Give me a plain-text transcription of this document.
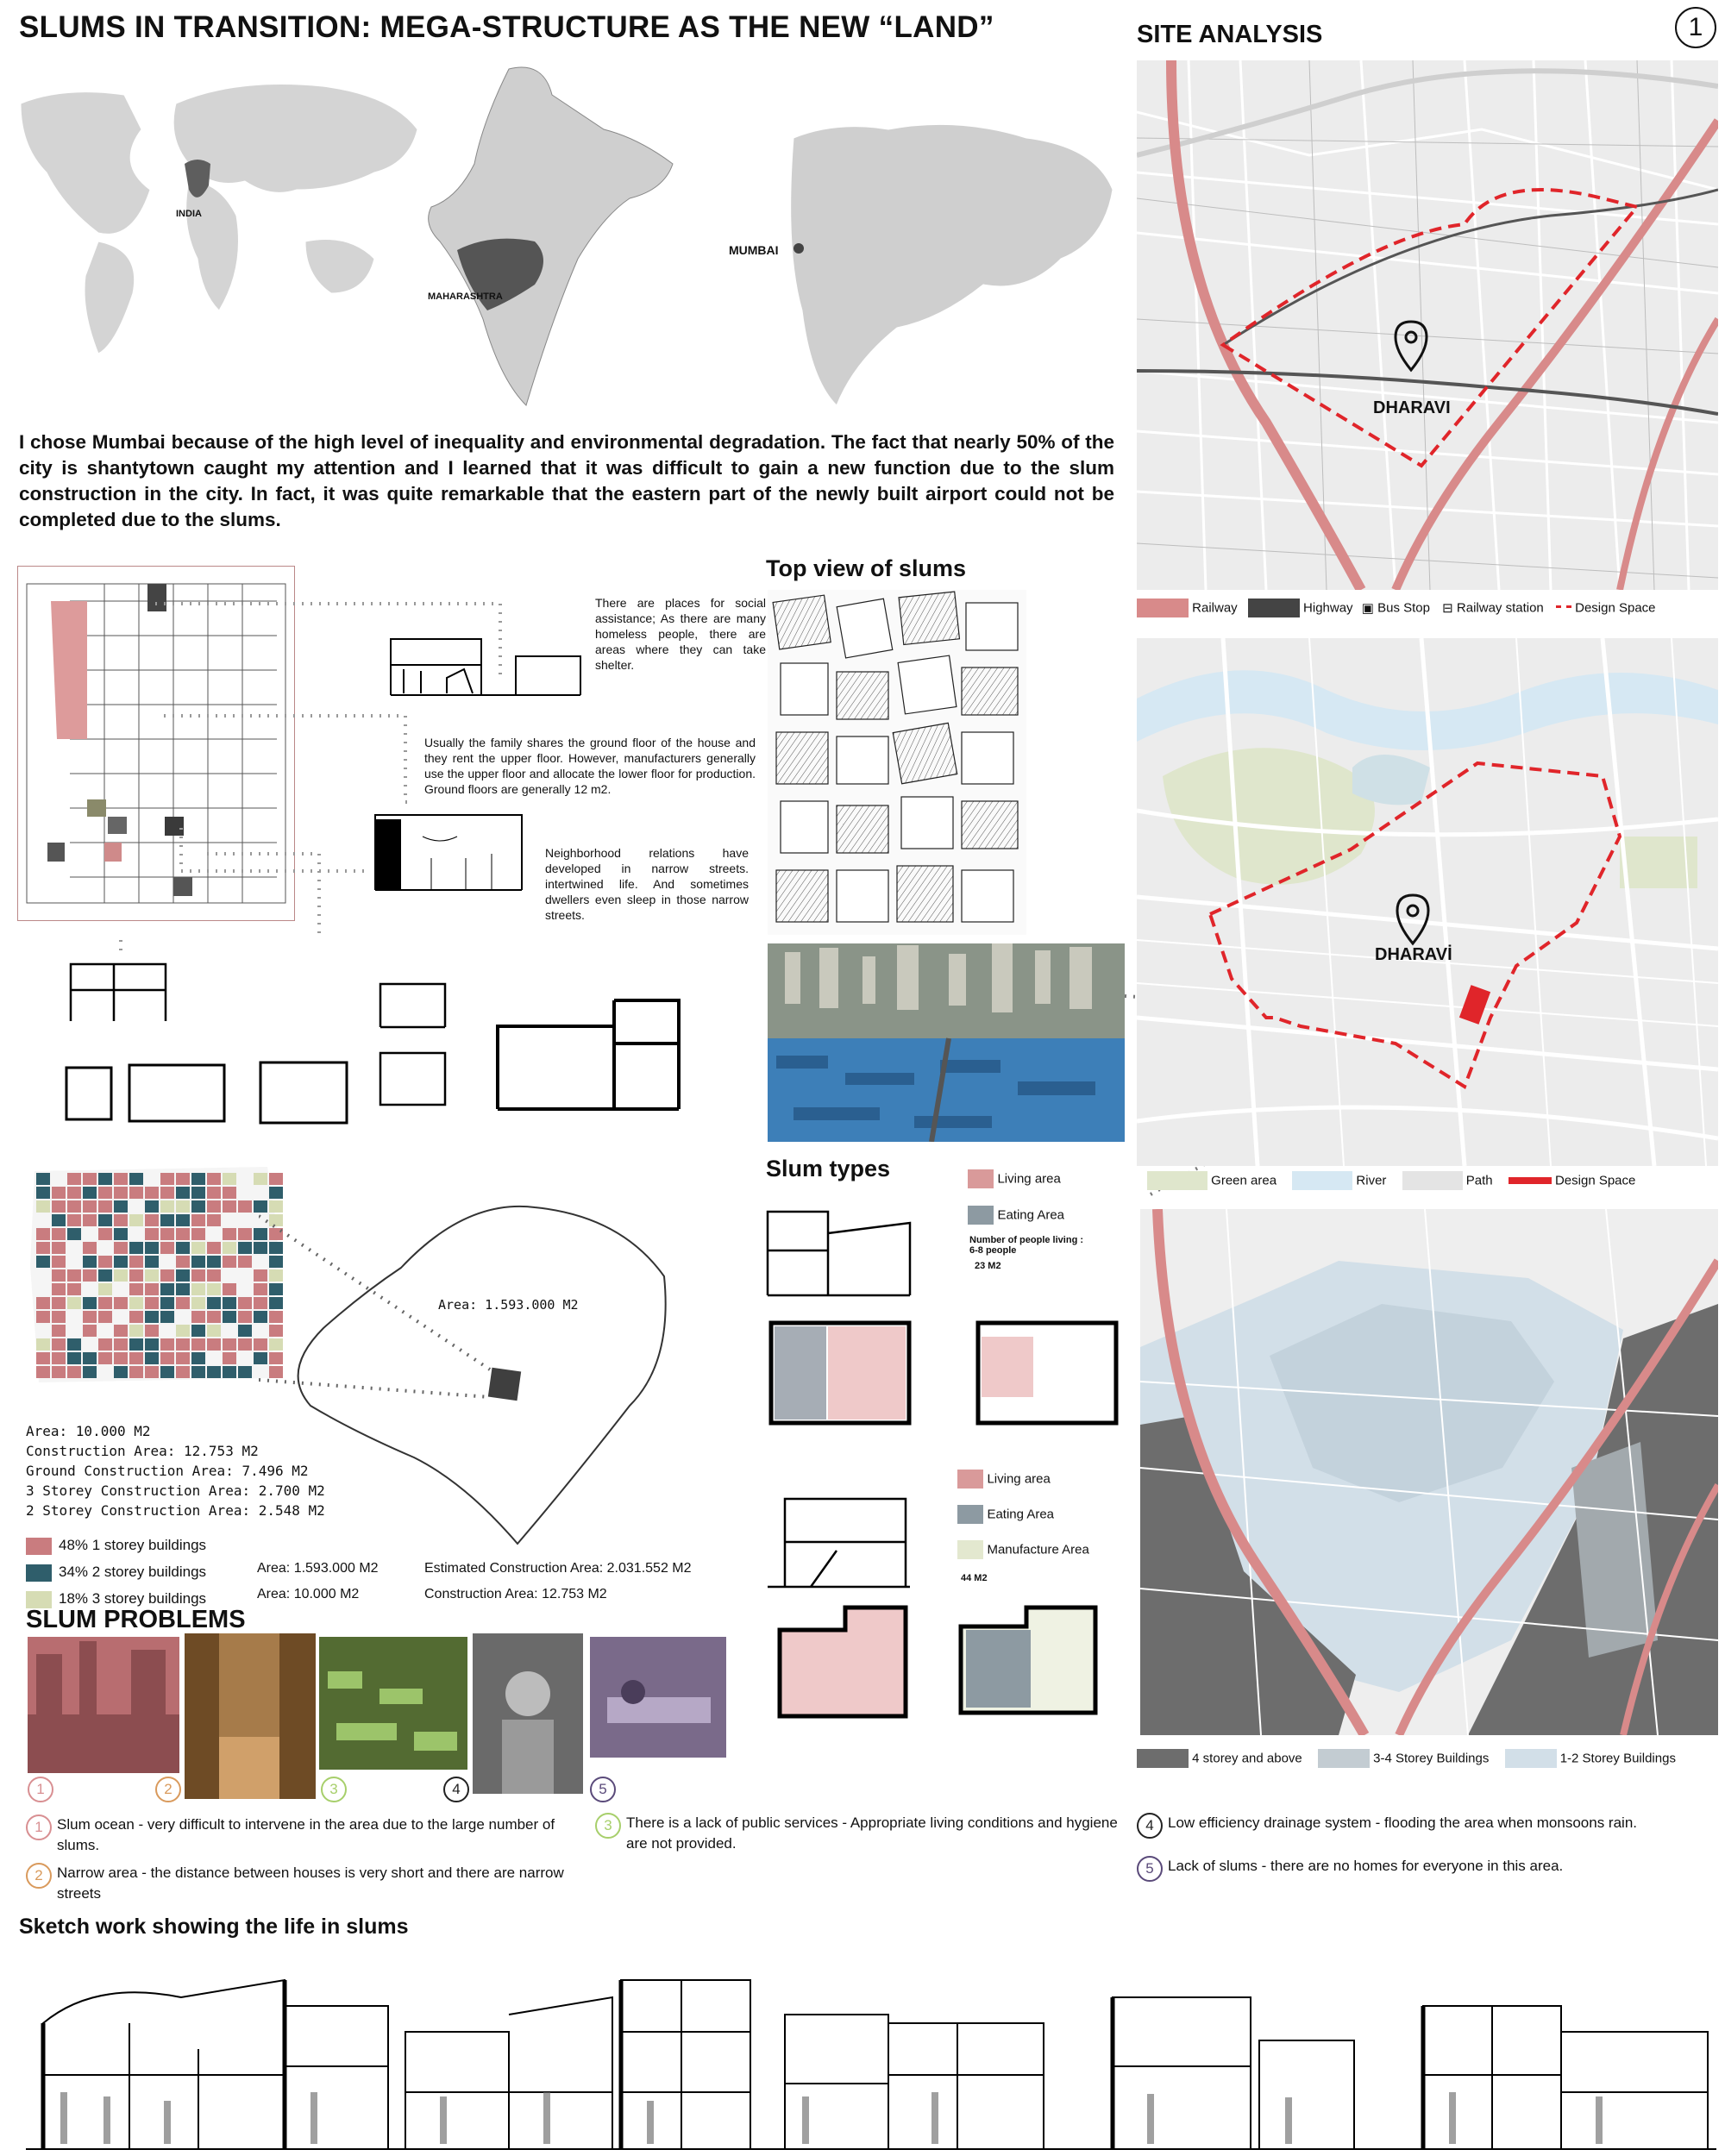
SLUMS IN TRANSITION: MEGA-STRUCTURE AS THE NEW “LAND”	SITE ANALYSIS	1
INDIA
MAHARASHTRA
MUMBAI
I chose Mumbai because of the high level of inequality and environmental degradation. The fact that nearly 50% of the city is shantytown caught my attention and I learned that it was difficult to gain a new function due to the slum construction in the city. In fact, it was quite remarkable that the eastern part of the newly built airport could not be completed due to the slums.
There are places for social assistance; As there are many homeless people, there are areas where they can take shelter.
Usually the family shares the ground floor of the house and they rent the upper floor. However, manufacturers generally use the upper floor and allocate the lower floor for production. Ground floors are generally 12 m2.
Neighborhood relations have developed in narrow streets. intertwined life. And sometimes dwellers even sleep in those narrow streets.
Top view of slums
Slum types	Living area
Eating Area
Number of people living : 6-8 people
23 M2
Living area
Eating Area
Manufacture Area
44 M2
Area: 1.593.000 M2
Area: 10.000 M2
Construction Area: 12.753 M2
Ground Construction Area: 7.496 M2
3 Storey Construction Area: 2.700 M2
2 Storey Construction Area: 2.548 M2
48% 1 storey buildings
34% 2 storey buildings
18% 3 storey buildings
Area: 1.593.000 M2
Area: 10.000 M2
Estimated Construction Area: 2.031.552 M2
Construction Area: 12.753 M2
SLUM PROBLEMS
1	2	3	4	5
1 Slum ocean - very difficult to intervene in the area due to the large number of slums.
2 Narrow area - the distance between houses is very short and there are narrow streets
3 There is a lack of public services - Appropriate living conditions and hygiene are not provided.
4 Low efficiency drainage system - flooding the area when monsoons rain.
5 Lack of slums - there are no homes for everyone in this area.
Sketch work showing the life in slums
DHARAVI
Railway	Highway ▣ Bus Stop ⊟ Railway station Design Space
DHARAVİ
Green area	River	Path	Design Space
4 storey and above	3-4 Storey Buildings	1-2 Storey Buildings
